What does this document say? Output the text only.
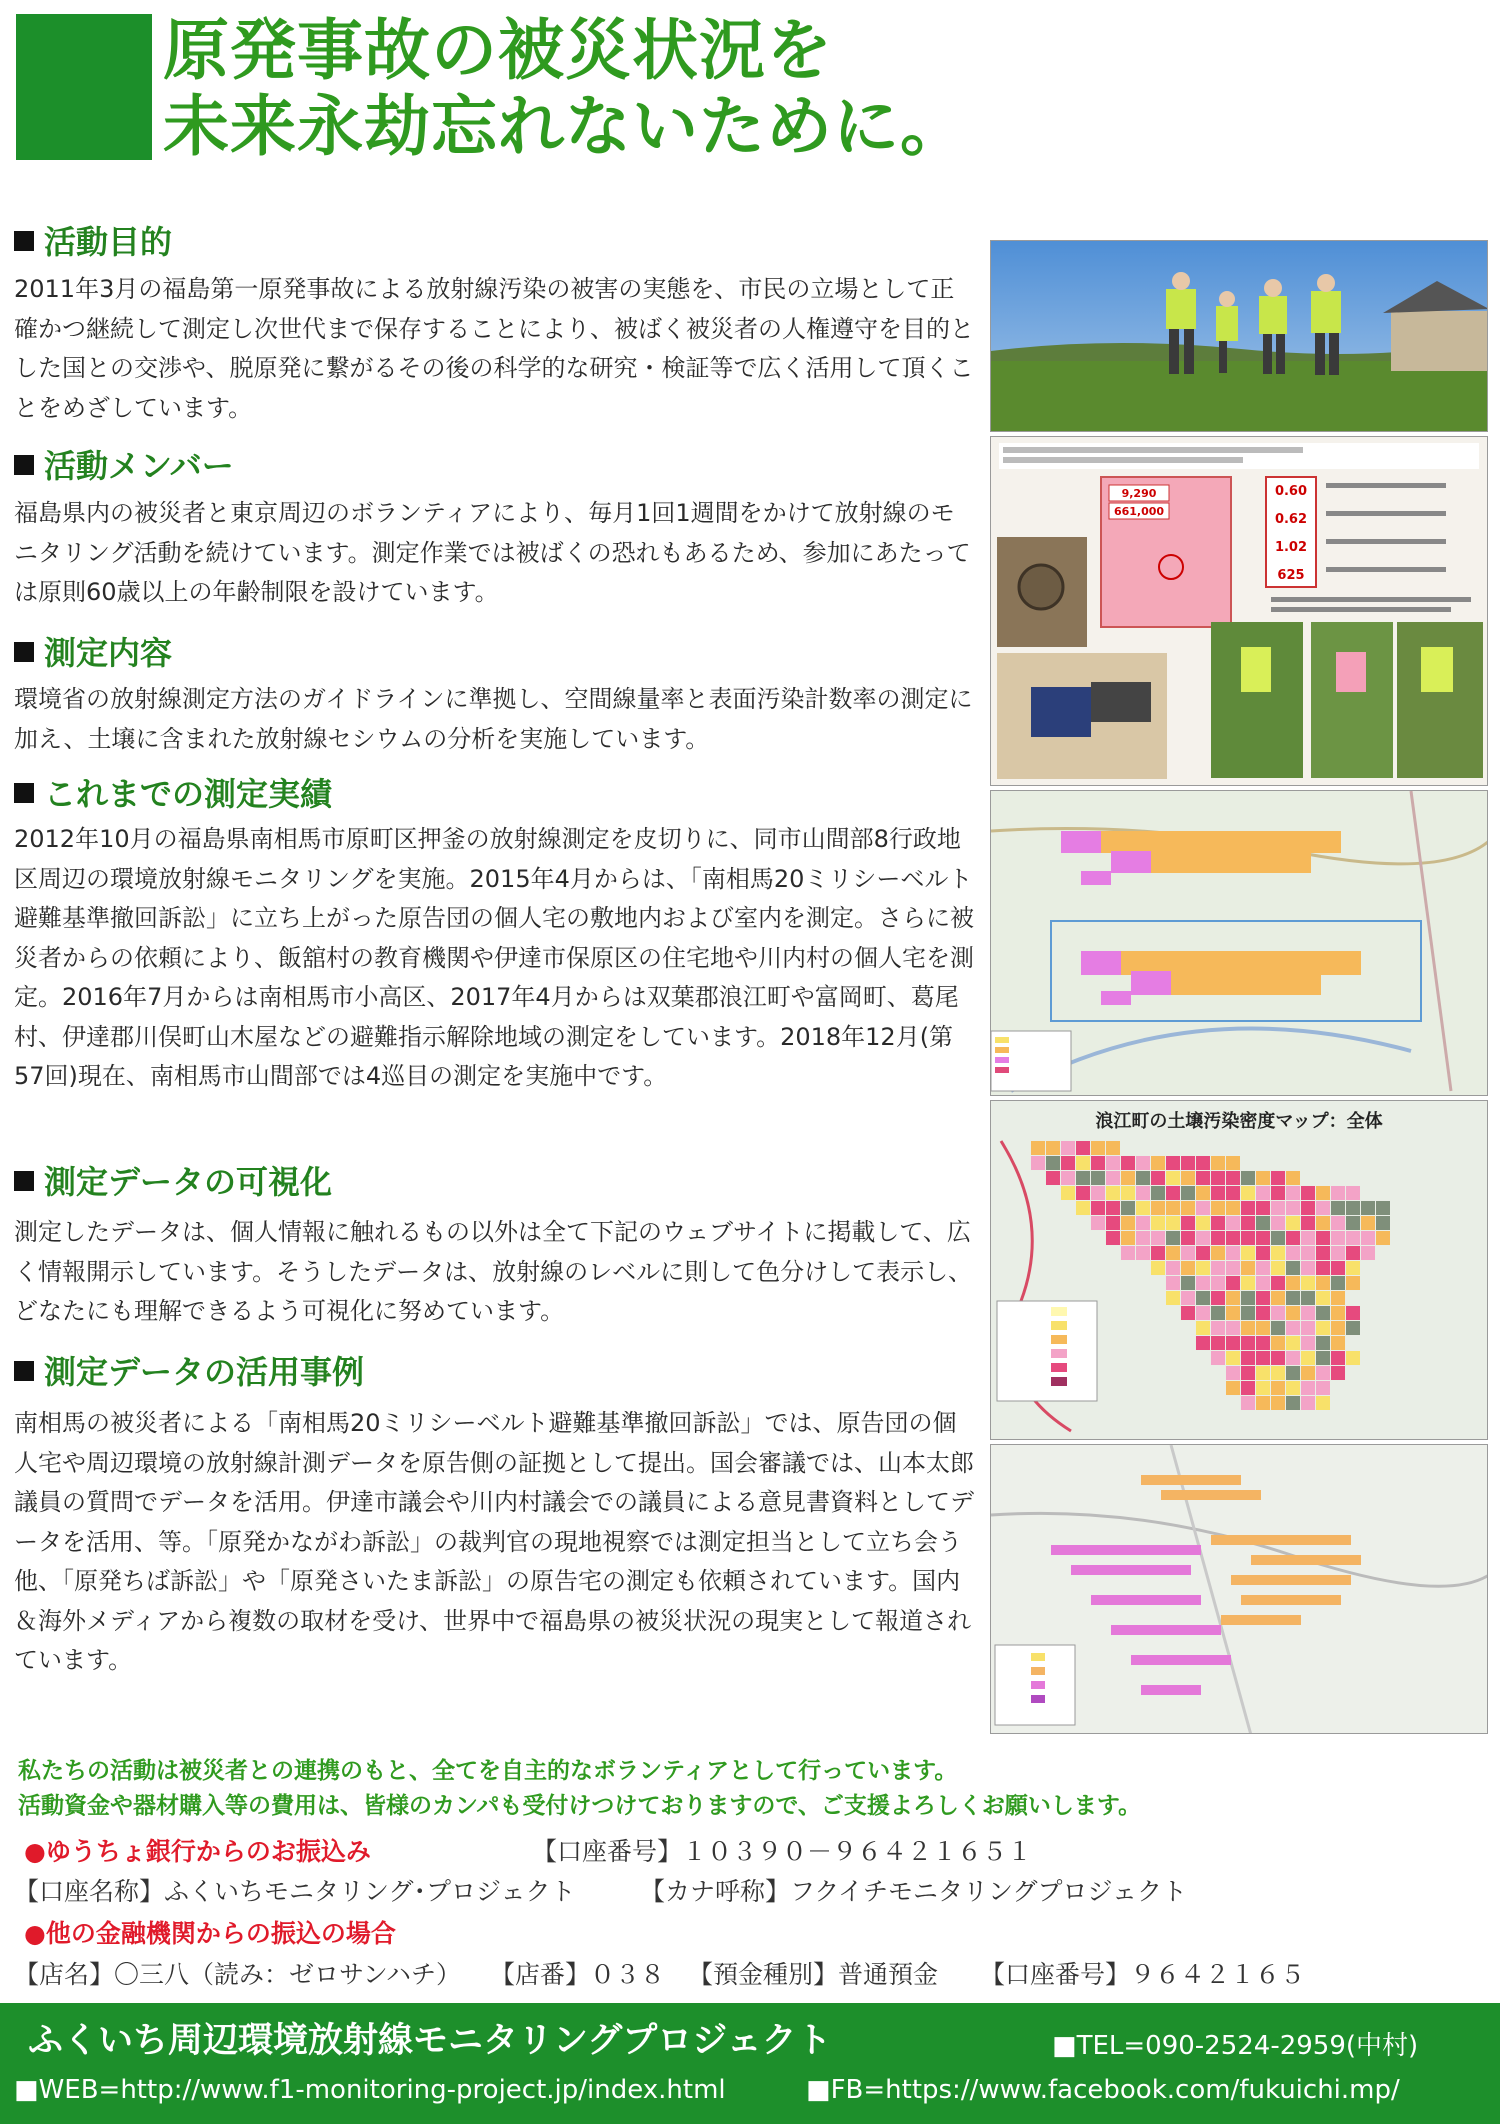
原発事故の被災状況を
未来永劫忘れないために。
活動目的
2011年3月の福島第一原発事故による放射線汚染の被害の実態を、市民の立場として正確かつ継続して測定し次世代まで保存することにより、被ばく被災者の人権遵守を目的とした国との交渉や、脱原発に繋がるその後の科学的な研究・検証等で広く活用して頂くことをめざしています。
活動メンバー
福島県内の被災者と東京周辺のボランティアにより、毎月1回1週間をかけて放射線のモニタリング活動を続けています。測定作業では被ばくの恐れもあるため、参加にあたっては原則60歳以上の年齢制限を設けています。
測定内容
環境省の放射線測定方法のガイドラインに準拠し、空間線量率と表面汚染計数率の測定に加え、土壌に含まれた放射線セシウムの分析を実施しています。
これまでの測定実績
2012年10月の福島県南相馬市原町区押釜の放射線測定を皮切りに、同市山間部8行政地区周辺の環境放射線モニタリングを実施。2015年4月からは、「南相馬20ミリシーベルト避難基準撤回訴訟」に立ち上がった原告団の個人宅の敷地内および室内を測定。さらに被災者からの依頼により、飯舘村の教育機関や伊達市保原区の住宅地や川内村の個人宅を測定。2016年7月からは南相馬市小高区、2017年4月からは双葉郡浪江町や富岡町、葛尾村、伊達郡川俣町山木屋などの避難指示解除地域の測定をしています。2018年12月(第57回)現在、南相馬市山間部では4巡目の測定を実施中です。
測定データの可視化
測定したデータは、個人情報に触れるもの以外は全て下記のウェブサイトに掲載して、広く情報開示しています。そうしたデータは、放射線のレベルに則して色分けして表示し、どなたにも理解できるよう可視化に努めています。
測定データの活用事例
南相馬の被災者による「南相馬20ミリシーベルト避難基準撤回訴訟」では、原告団の個人宅や周辺環境の放射線計測データを原告側の証拠として提出。国会審議では、山本太郎議員の質問でデータを活用。伊達市議会や川内村議会での議員による意見書資料としてデータを活用、等。「原発かながわ訴訟」の裁判官の現地視察では測定担当として立ち会う他、「原発ちば訴訟」や「原発さいたま訴訟」の原告宅の測定も依頼されています。国内＆海外メディアから複数の取材を受け、世界中で福島県の被災状況の現実として報道されています。
9,290
661,000
0.60
0.62
1.02
625
浪江町の土壌汚染密度マップ：全体
私たちの活動は被災者との連携のもと、全てを自主的なボランティアとして行っています。
活動資金や器材購入等の費用は、皆様のカンパも受付けつけておりますので、ご支援よろしくお願いします。
●ゆうちょ銀行からのお振込み	【口座番号】１０３９０－９６４２１６５１
【口座名称】ふくいちモニタリング･プロジェクト	【カナ呼称】フクイチモニタリングプロジェクト
●他の金融機関からの振込の場合
【店名】〇三八（読み：ゼロサンハチ） 【店番】０３８ 【預金種別】普通預金 【口座番号】９６４２１６５
ふくいち周辺環境放射線モニタリングプロジェクト	■TEL=090-2524-2959(中村)
■WEB=http://www.f1-monitoring-project.jp/index.html	■FB=https://www.facebook.com/fukuichi.mp/
